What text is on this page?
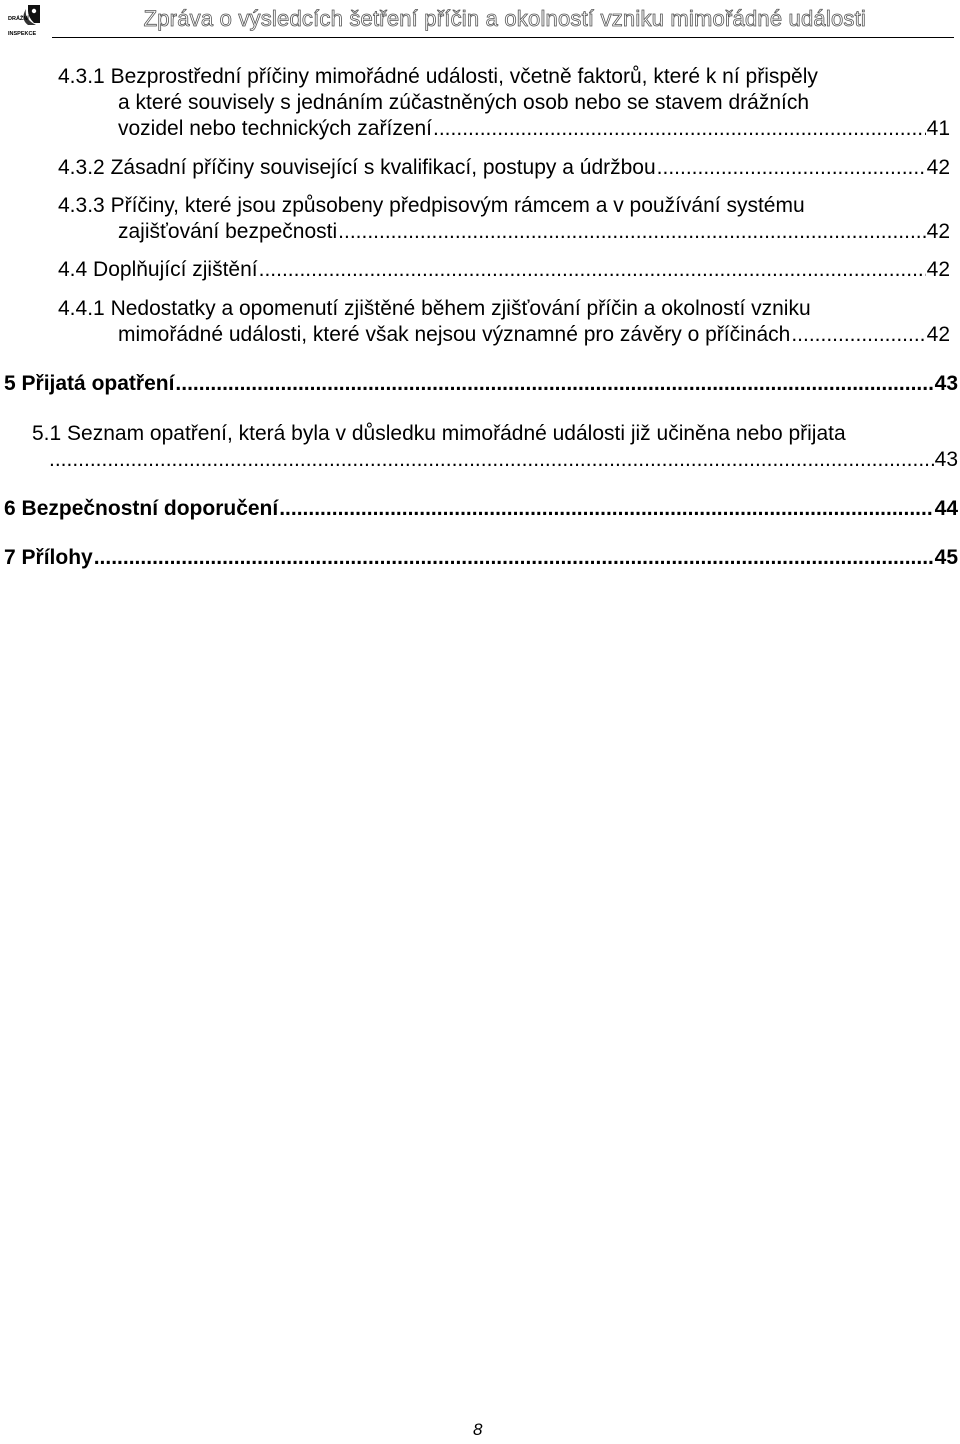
DRÁŽNÍ
INSPEKCE
Zpráva o výsledcích šetření příčin a okolností vzniku mimořádné události
4.3.1
Bezprostřední příčiny mimořádné události, včetně faktorů, které k ní přispěly
a které souvisely s jednáním zúčastněných osob nebo se stavem drážních
vozidel nebo technických zařízení .....	41
4.3.2
Zásadní příčiny související s kvalifikací, postupy a údržbou .....	42
4.3.3
Příčiny, které jsou způsobeny předpisovým rámcem a v používání systému
zajišťování bezpečnosti .....	42
4.4
Doplňující zjištění .....	42
4.4.1
Nedostatky a opomenutí zjištěné během zjišťování příčin a okolností vzniku
mimořádné události, které však nejsou významné pro závěry o příčinách .....	42
5
Přijatá opatření .....	43
5.1
Seznam opatření, která byla v důsledku mimořádné události již učiněna nebo přijata
.....
43
6
Bezpečnostní doporučení .....	44
7
Přílohy .....	45
8
